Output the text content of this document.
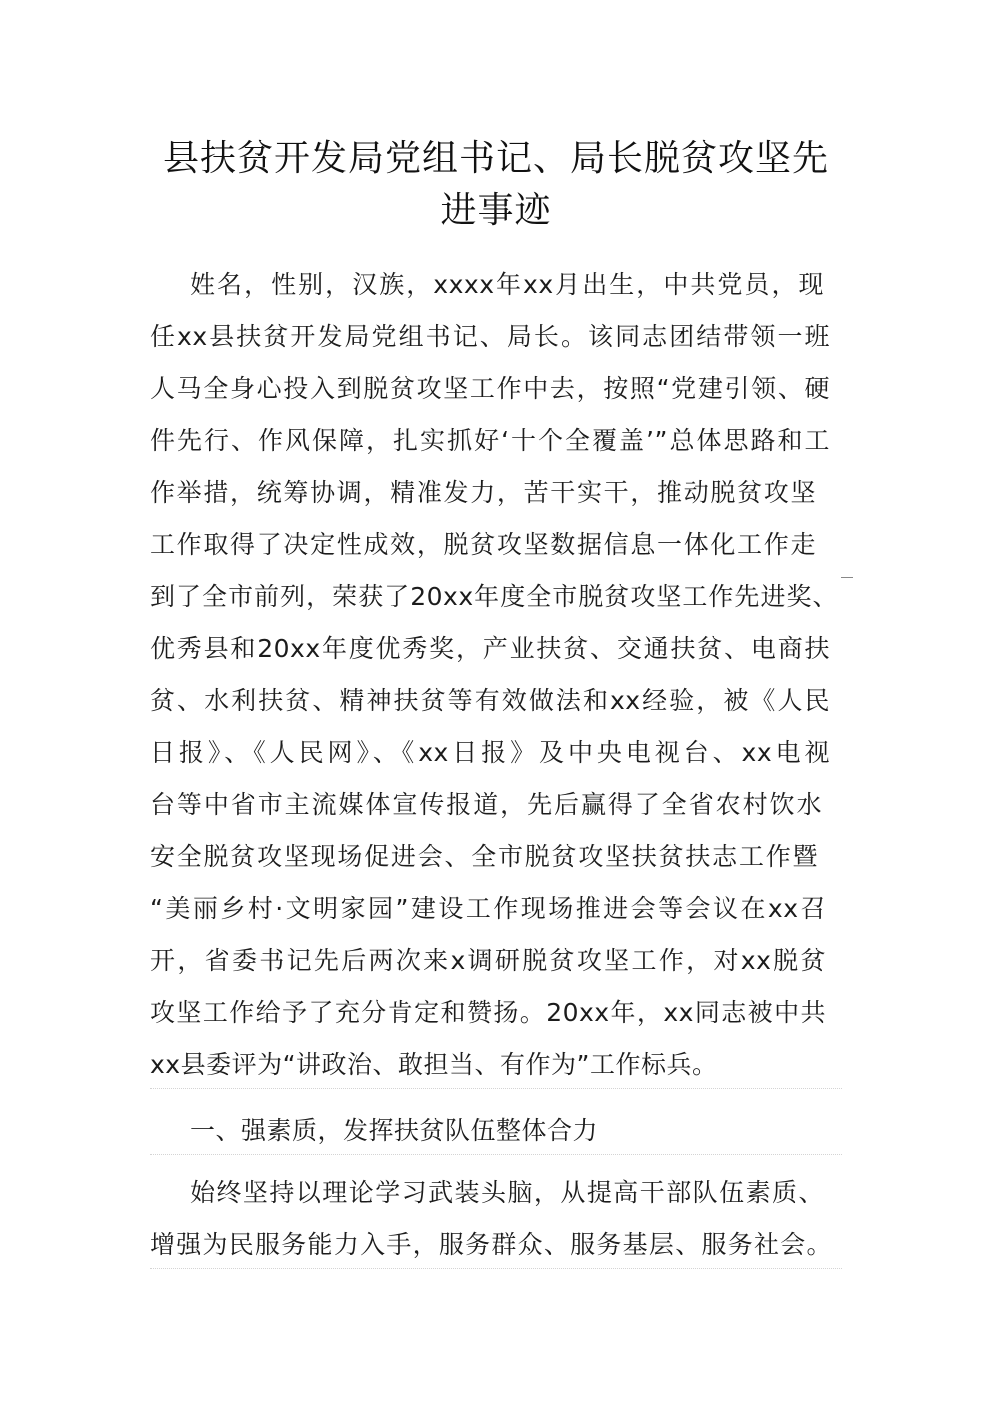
县扶贫开发局党组书记、局长脱贫攻坚先
进事迹
姓名，性别，汉族，xxxx年xx月出生，中共党员，现
任xx县扶贫开发局党组书记、局长。该同志团结带领一班
人马全身心投入到脱贫攻坚工作中去，按照“党建引领、硬
件先行、作风保障，扎实抓好‘十个全覆盖’”总体思路和工
作举措，统筹协调，精准发力，苦干实干，推动脱贫攻坚
工作取得了决定性成效，脱贫攻坚数据信息一体化工作走
到了全市前列，荣获了20xx年度全市脱贫攻坚工作先进奖、
优秀县和20xx年度优秀奖，产业扶贫、交通扶贫、电商扶
贫、水利扶贫、精神扶贫等有效做法和xx经验，被《人民
日报》、《人民网》、《xx日报》及中央电视台、xx电视
台等中省市主流媒体宣传报道，先后赢得了全省农村饮水
安全脱贫攻坚现场促进会、全市脱贫攻坚扶贫扶志工作暨
“美丽乡村·文明家园”建设工作现场推进会等会议在xx召
开，省委书记先后两次来x调研脱贫攻坚工作，对xx脱贫
攻坚工作给予了充分肯定和赞扬。20xx年，xx同志被中共
xx县委评为“讲政治、敢担当、有作为”工作标兵。
一、强素质，发挥扶贫队伍整体合力
始终坚持以理论学习武装头脑，从提高干部队伍素质、
增强为民服务能力入手，服务群众、服务基层、服务社会。
